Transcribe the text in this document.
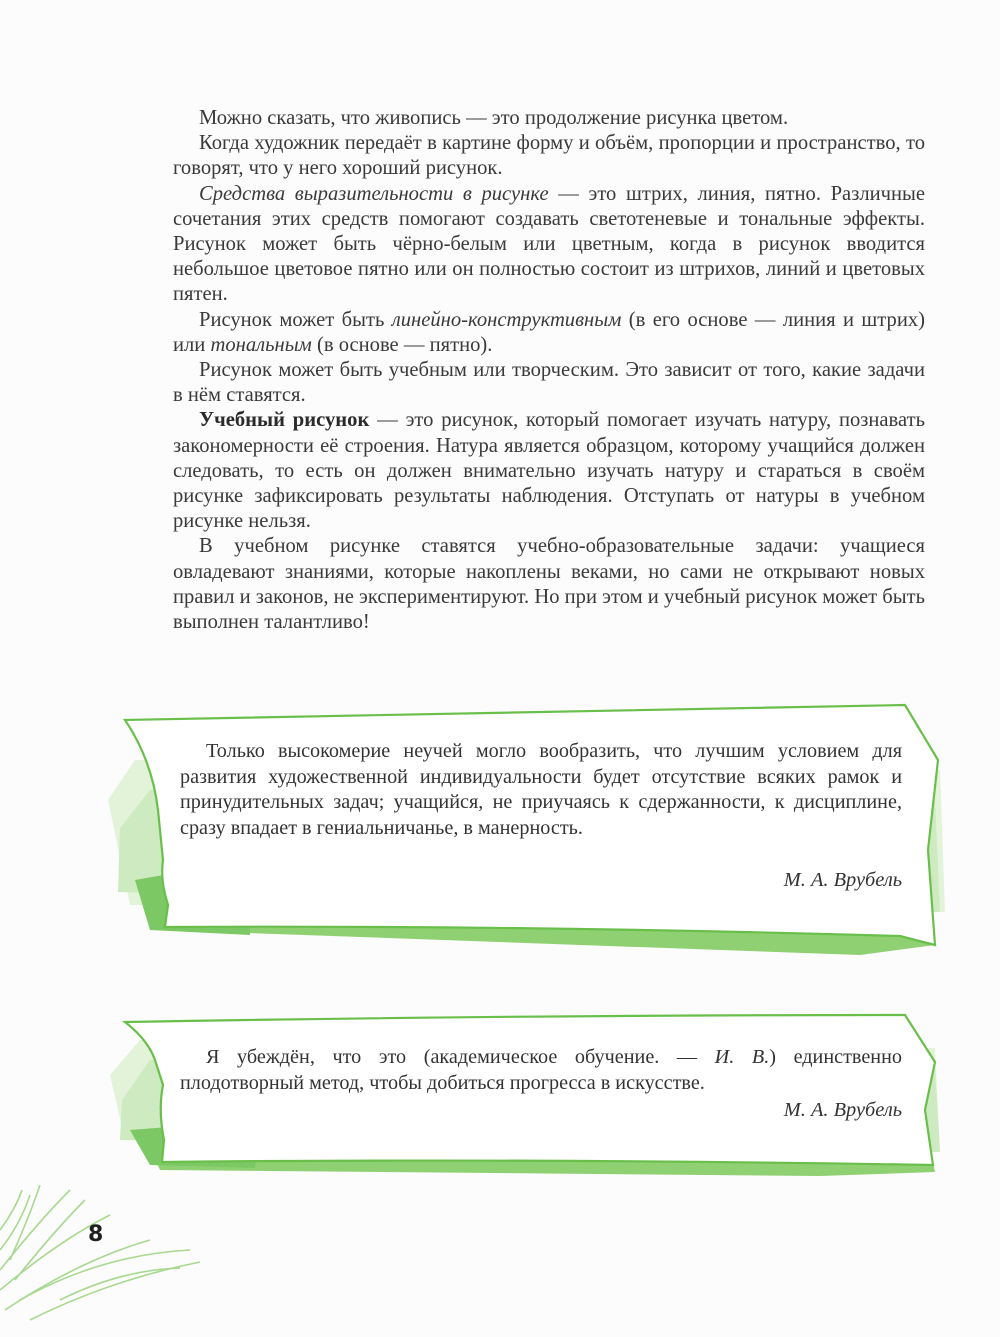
Можно сказать, что живопись — это продолжение рисунка цветом.

Когда художник передаёт в картине форму и объём, пропорции и пространство, то говорят, что у него хороший рисунок.

Средства выразительности в рисунке — это штрих, линия, пятно. Различные сочетания этих средств помогают создавать светотеневые и тональные эффекты. Рисунок может быть чёрно-белым или цветным, когда в рисунок вводится небольшое цветовое пятно или он полностью состоит из штрихов, линий и цветовых пятен.

Рисунок может быть линейно-конструктивным (в его основе — линия и штрих) или тональным (в основе — пятно).

Рисунок может быть учебным или творческим. Это зависит от того, какие задачи в нём ставятся.

Учебный рисунок — это рисунок, который помогает изучать натуру, познавать закономерности её строения. Натура является образцом, которому учащийся должен следовать, то есть он должен внимательно изучать натуру и стараться в своём рисунке зафиксировать результаты наблюдения. Отступать от натуры в учебном рисунке нельзя.

В учебном рисунке ставятся учебно-образовательные задачи: учащиеся овладевают знаниями, которые накоплены веками, но сами не открывают новых правил и законов, не экспериментируют. Но при этом и учебный рисунок может быть выполнен талантливо!

Только высокомерие неучей могло вообразить, что лучшим условием для развития художественной индивидуальности будет отсутствие всяких рамок и принудительных задач; учащийся, не приучаясь к сдержанности, к дисциплине, сразу впадает в гениальничанье, в манерность.

М. А. Врубель

Я убеждён, что это (академическое обучение. — И. В.) единственно плодотворный метод, чтобы добиться прогресса в искусстве.

М. А. Врубель
8
